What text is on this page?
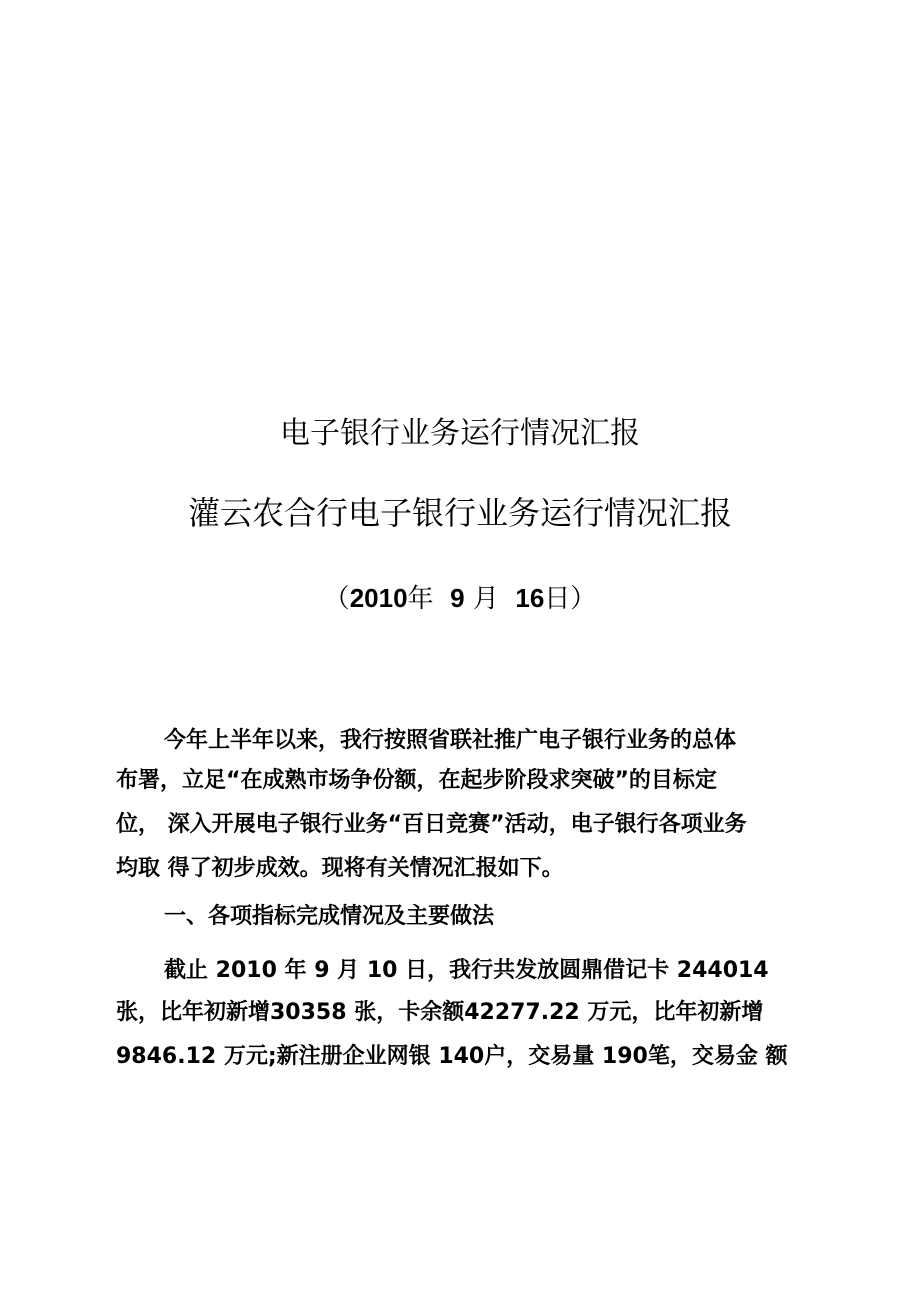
电子银行业务运行情况汇报
灌云农合行电子银行业务运行情况汇报
（2010年 9 月 16日）

今年上半年以来，我行按照省联社推广电子银行业务的总体

布署，立足“在成熟市场争份额，在起步阶段求突破”的目标定

位， 深入开展电子银行业务“百日竞赛”活动，电子银行各项业务

均取 得了初步成效。现将有关情况汇报如下。

一、各项指标完成情况及主要做法

截止 2010 年 9 月 10 日，我行共发放圆鼎借记卡 244014

张，比年初新增30358 张，卡余额42277.22 万元，比年初新增

9846.12 万元;新注册企业网银 140户，交易量 190笔，交易金 额
